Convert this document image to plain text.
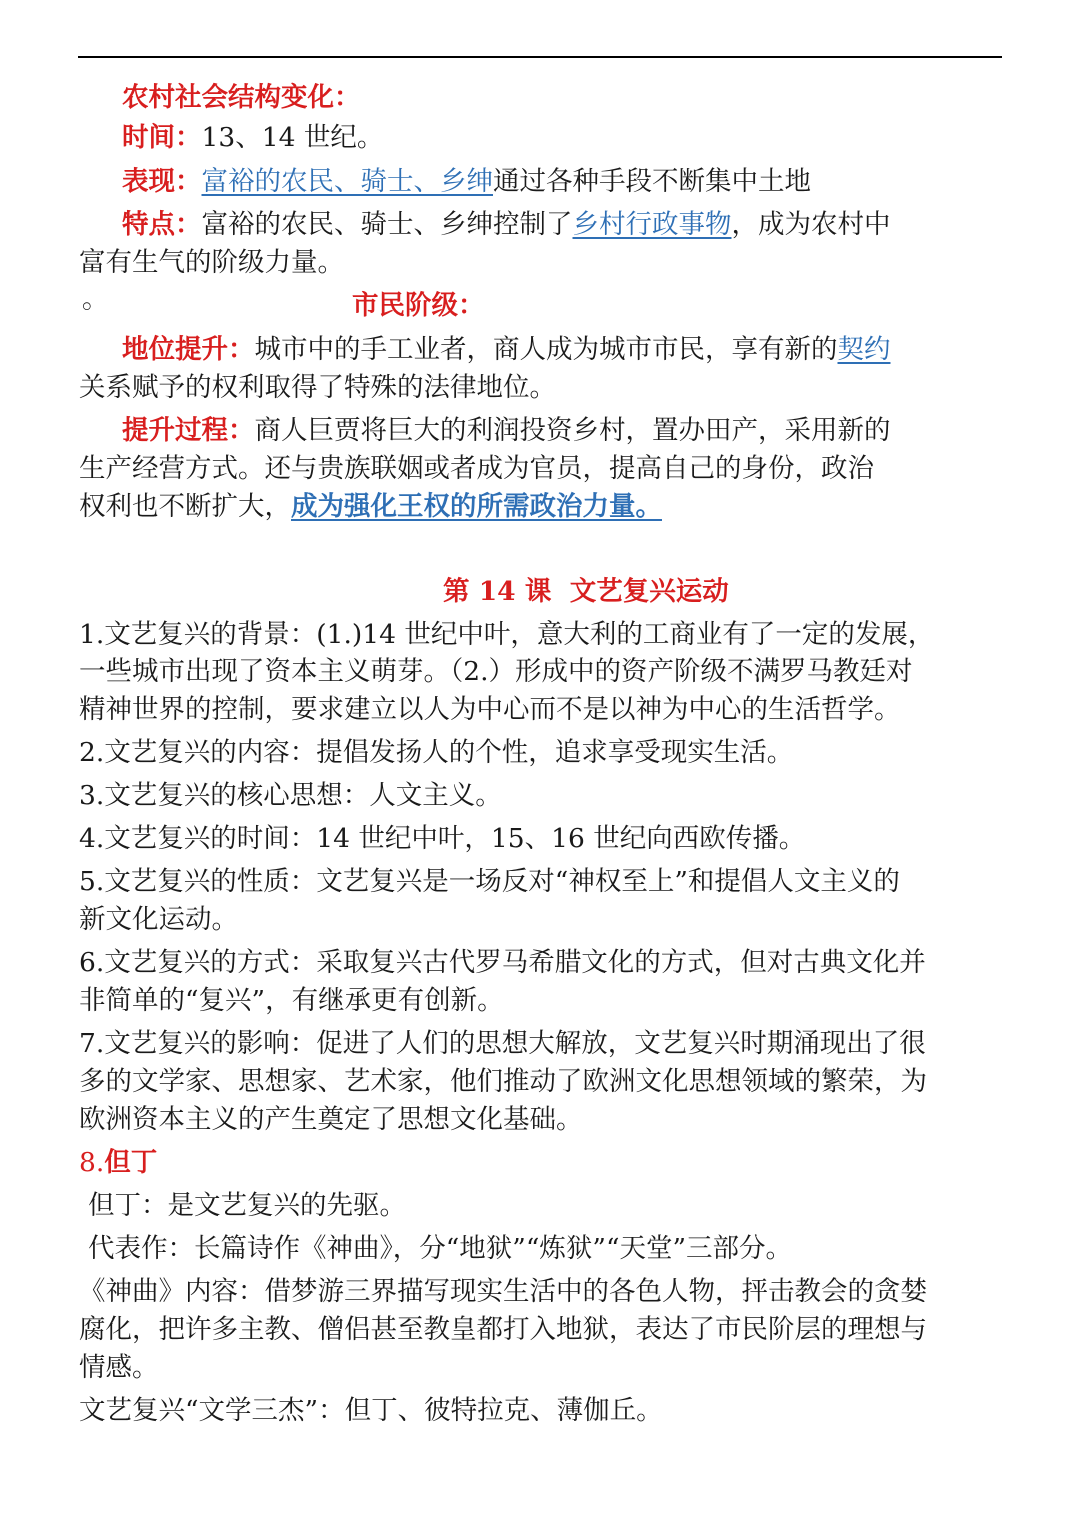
农村社会结构变化：
时间：13、14 世纪。
表现：富裕的农民、骑士、乡绅通过各种手段不断集中土地
特点：富裕的农民、骑士、乡绅控制了乡村行政事物，成为农村中
富有生气的阶级力量。
◦	市民阶级：
地位提升：城市中的手工业者，商人成为城市市民，享有新的契约
关系赋予的权利取得了特殊的法律地位。
提升过程：商人巨贾将巨大的利润投资乡村，置办田产，采用新的
生产经营方式。还与贵族联姻或者成为官员，提高自己的身份，政治
权利也不断扩大，成为强化王权的所需政治力量。
第 14 课  文艺复兴运动
1.文艺复兴的背景：(1.)14 世纪中叶，意大利的工商业有了一定的发展，
一些城市出现了资本主义萌芽。（2.）形成中的资产阶级不满罗马教廷对
精神世界的控制，要求建立以人为中心而不是以神为中心的生活哲学。
2.文艺复兴的内容：提倡发扬人的个性，追求享受现实生活。
3.文艺复兴的核心思想：人文主义。
4.文艺复兴的时间：14 世纪中叶，15、16 世纪向西欧传播。
5.文艺复兴的性质：文艺复兴是一场反对“神权至上”和提倡人文主义的
新文化运动。
6.文艺复兴的方式：采取复兴古代罗马希腊文化的方式，但对古典文化并
非简单的“复兴”，有继承更有创新。
7.文艺复兴的影响：促进了人们的思想大解放，文艺复兴时期涌现出了很
多的文学家、思想家、艺术家，他们推动了欧洲文化思想领域的繁荣，为
欧洲资本主义的产生奠定了思想文化基础。
8.但丁
但丁：是文艺复兴的先驱。
代表作：长篇诗作《神曲》，分“地狱”“炼狱”“天堂”三部分。
《神曲》内容：借梦游三界描写现实生活中的各色人物，抨击教会的贪婪
腐化，把许多主教、僧侣甚至教皇都打入地狱，表达了市民阶层的理想与
情感。
文艺复兴“文学三杰”：但丁、彼特拉克、薄伽丘。
